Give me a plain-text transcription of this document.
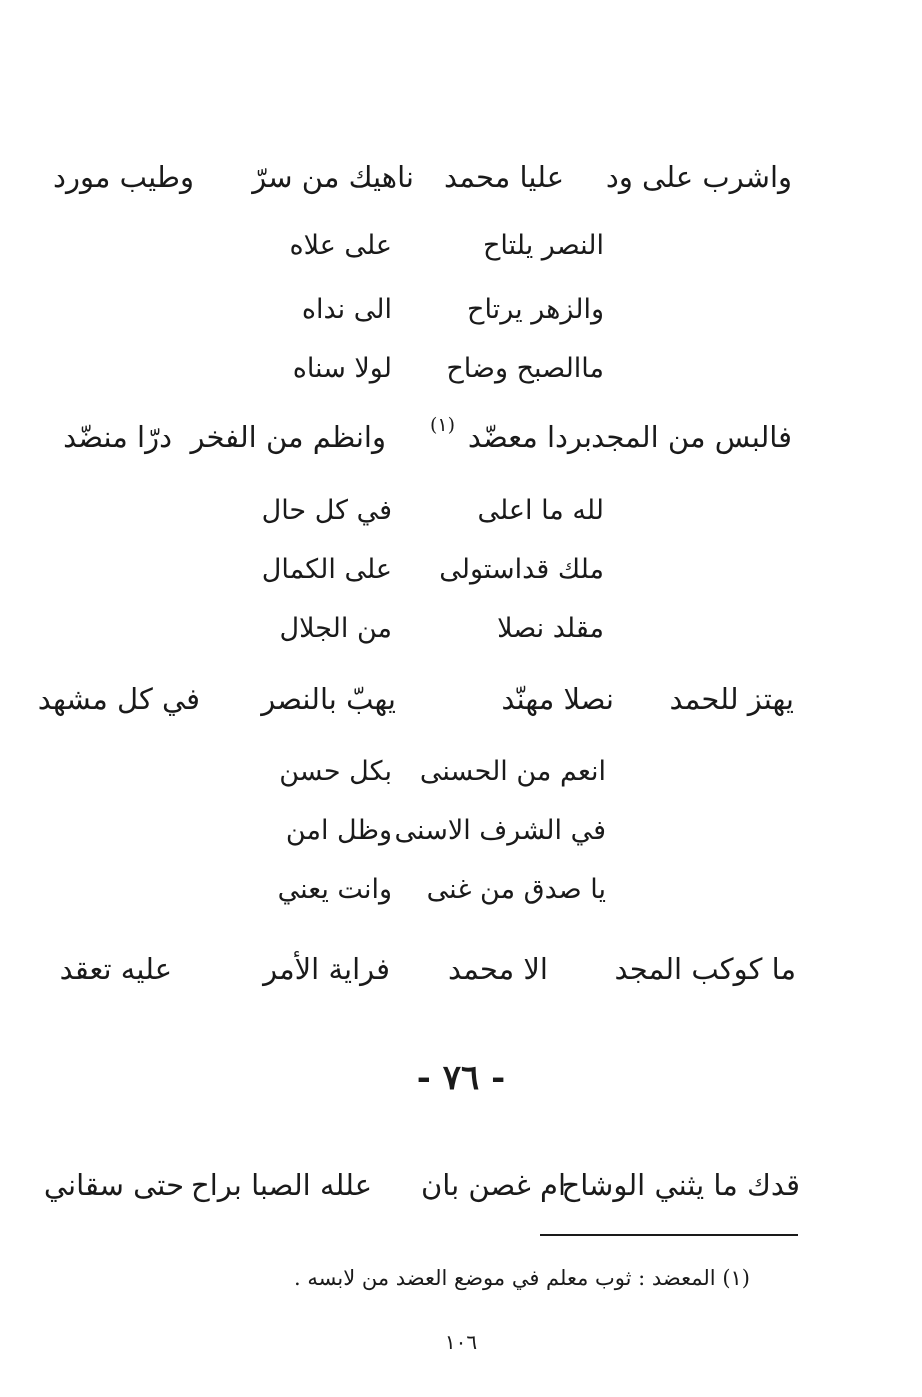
واشرب على ود
عليا محمد
ناهيك من سرّ
وطيب مورد
النصر يلتاح
على علاه
والزهر يرتاح
الى نداه
ماالصبح وضاح
لولا سناه
فالبس من المجد
بردا معضّد
(١)
وانظم من الفخر
درّا منضّد
لله ما اعلى
في كل حال
ملك قداستولى
على الكمال
مقلد نصلا
من الجلال
يهتز للحمد
نصلا مهنّد
يهبّ بالنصر
في كل مشهد
انعم من الحسنى
بكل حسن
في الشرف الاسنى
وظل امن
يا صدق من غنى
وانت يعني
ما كوكب المجد
الا محمد
فراية الأمر
عليه تعقد
- ٧٦ -
قدك ما يثني الوشاح
ام غصن بان
علله الصبا براح
حتى سقاني
(١) المعضد : ثوب معلم في موضع العضد من لابسه .
١٠٦
